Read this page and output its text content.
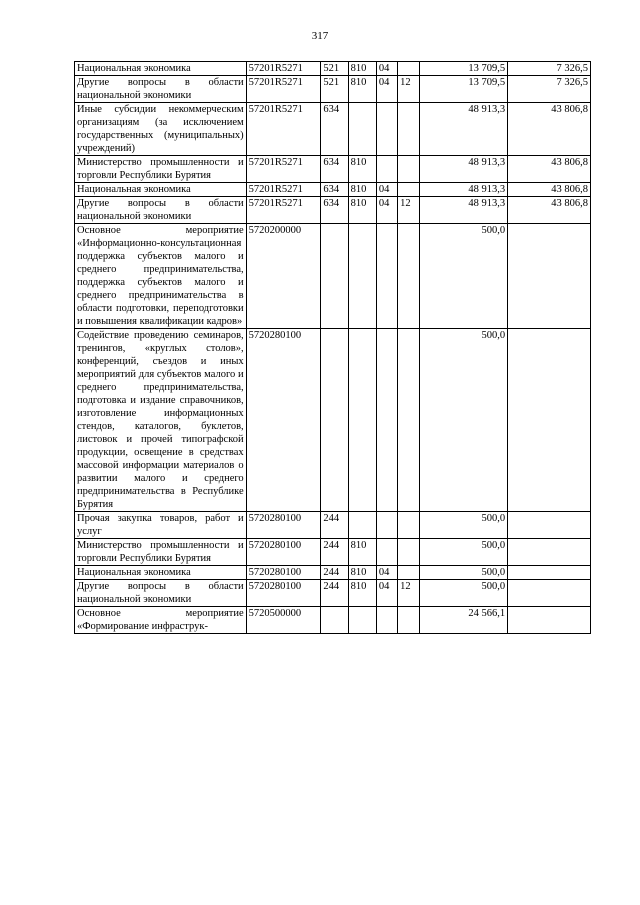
317
Национальная экономика	57201R5271	521	810	04		13 709,5	7 326,5
Другие вопросы в области национальной экономики	57201R5271	521	810	04	12	13 709,5	7 326,5
Иные субсидии некоммерческим организациям (за исключением государственных (муниципальных) учреждений)	57201R5271	634				48 913,3	43 806,8
Министерство промышленности и торговли Республики Бурятия	57201R5271	634	810			48 913,3	43 806,8
Национальная экономика	57201R5271	634	810	04		48 913,3	43 806,8
Другие вопросы в области национальной экономики	57201R5271	634	810	04	12	48 913,3	43 806,8
Основное мероприятие «Информационно-консультационная поддержка субъектов малого и среднего предпринимательства, поддержка субъектов малого и среднего предпринимательства в области подготовки, переподготовки и повышения квалификации кадров»	5720200000					500,0	
Содействие проведению семинаров, тренингов, «круглых столов», конференций, съездов и иных мероприятий для субъектов малого и среднего предпринимательства, подготовка и издание справочников, изготовление информационных стендов, каталогов, буклетов, листовок и прочей типографской продукции, освещение в средствах массовой информации материалов о развитии малого и среднего предпринимательства в Республике Бурятия	5720280100					500,0	
Прочая закупка товаров, работ и услуг	5720280100	244				500,0	
Министерство промышленности и торговли Республики Бурятия	5720280100	244	810			500,0	
Национальная экономика	5720280100	244	810	04		500,0	
Другие вопросы в области национальной экономики	5720280100	244	810	04	12	500,0	
Основное мероприятие «Формирование инфраструк-	5720500000					24 566,1	
